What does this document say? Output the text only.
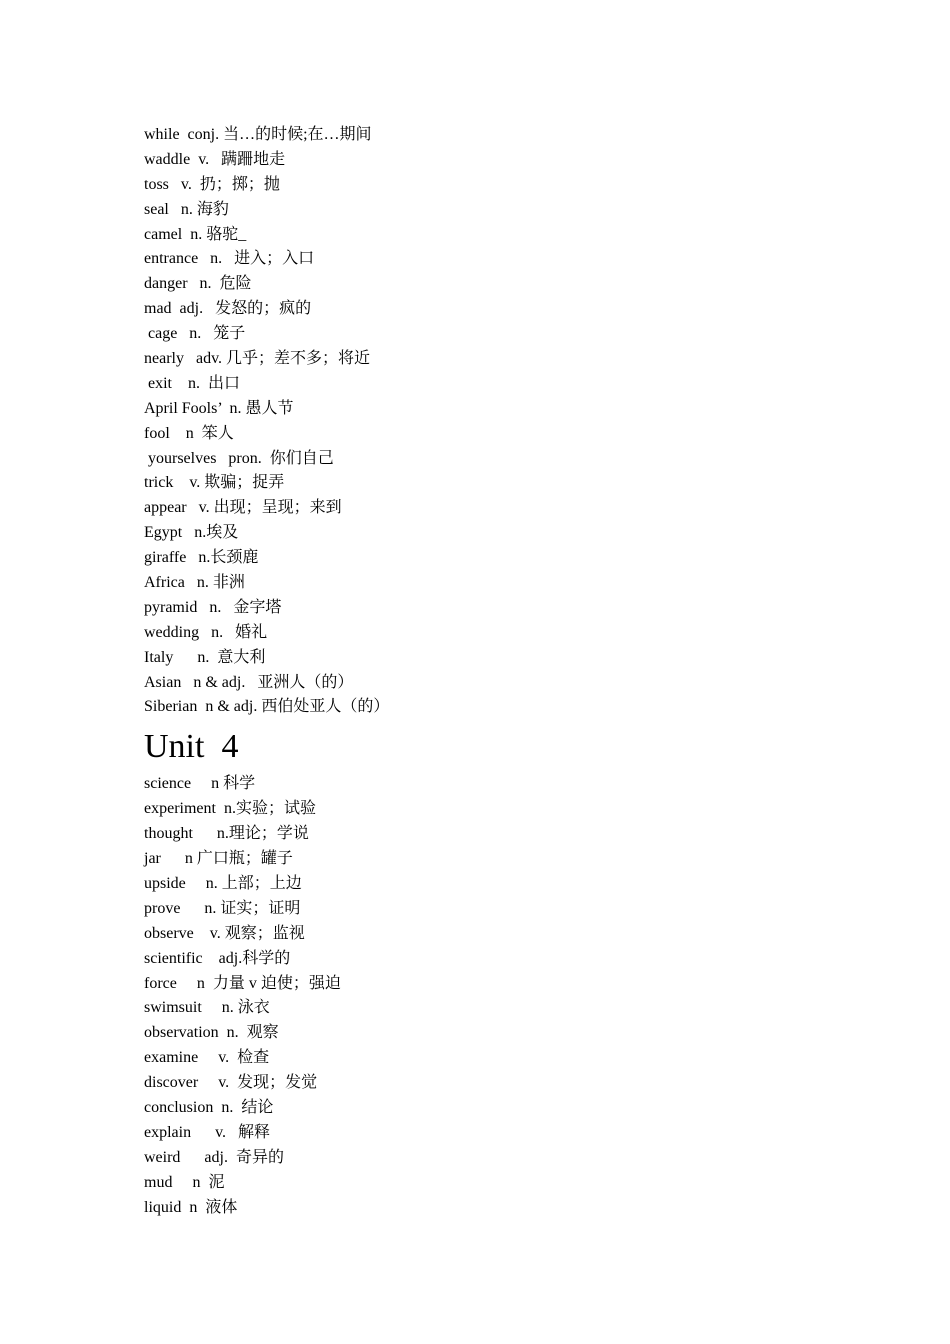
while  conj. 当…的时候;在…期间
waddle  v.   蹒跚地走
toss   v.  扔；掷；抛
seal   n. 海豹
camel  n. 骆驼_
entrance   n.   进入；入口
danger   n.  危险
mad  adj.   发怒的；疯的
cage   n.   笼子
nearly   adv. 几乎；差不多；将近
exit    n.  出口
April Fools’  n. 愚人节
fool    n  笨人
yourselves   pron.  你们自己
trick    v. 欺骗；捉弄
appear   v. 出现；呈现；来到
Egypt   n.埃及
giraffe   n.长颈鹿
Africa   n. 非洲
pyramid   n.   金字塔
wedding   n.   婚礼
Italy      n.  意大利
Asian   n & adj.   亚洲人（的）
Siberian  n & adj. 西伯处亚人（的）
Unit  4
science     n 科学
experiment  n.实验；试验
thought      n.理论；学说
jar      n 广口瓶；罐子
upside     n. 上部；上边
prove      n. 证实；证明
observe    v. 观察；监视
scientific    adj.科学的
force     n  力量 v 迫使；强迫
swimsuit     n. 泳衣
observation  n.  观察
examine     v.  检查
discover     v.  发现；发觉
conclusion  n.  结论
explain      v.   解释
weird      adj.  奇异的
mud     n  泥
liquid  n  液体
